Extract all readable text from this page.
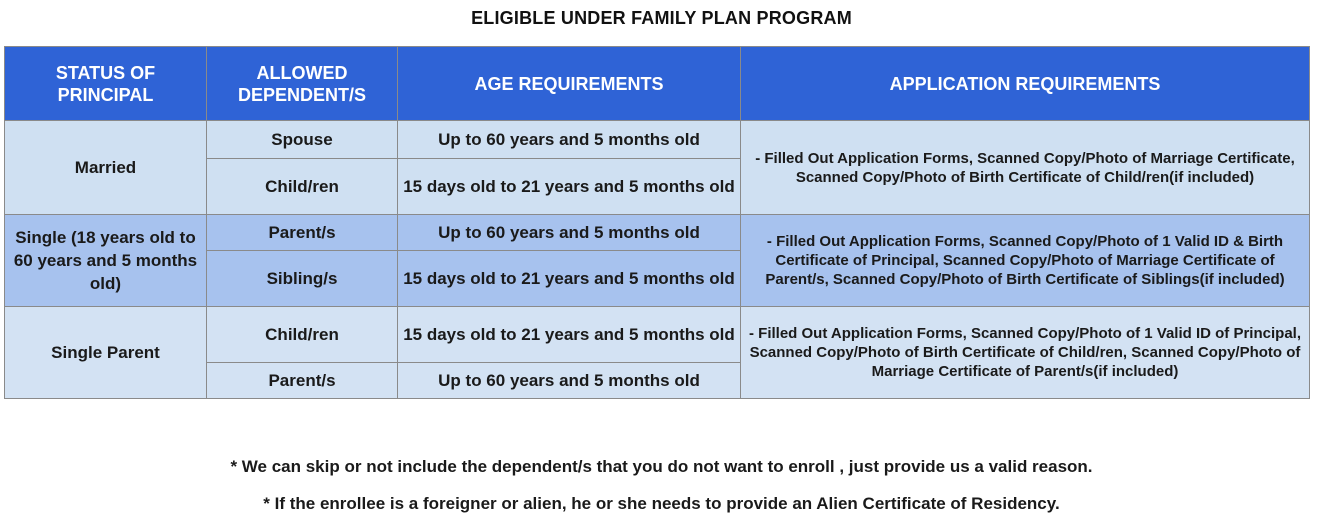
ELIGIBLE UNDER FAMILY PLAN PROGRAM
STATUS OF PRINCIPAL	ALLOWED DEPENDENT/S	AGE REQUIREMENTS	APPLICATION REQUIREMENTS
Married	Spouse	Up to 60 years and 5 months old	- Filled Out Application Forms, Scanned Copy/Photo of Marriage Certificate, Scanned Copy/Photo of Birth Certificate of Child/ren(if included)
	Child/ren	15 days old to 21 years and 5 months old	
Single (18 years old to 60 years and 5 months old)	Parent/s	Up to 60 years and 5 months old	- Filled Out Application Forms, Scanned Copy/Photo of 1 Valid ID & Birth Certificate of Principal, Scanned Copy/Photo of Marriage Certificate of Parent/s, Scanned Copy/Photo of Birth Certificate of Siblings(if included)
	Sibling/s	15 days old to 21 years and 5 months old	
Single Parent	Child/ren	15 days old to 21 years and 5 months old	- Filled Out Application Forms, Scanned Copy/Photo of 1 Valid ID of Principal, Scanned Copy/Photo of Birth Certificate of Child/ren, Scanned Copy/Photo of Marriage Certificate of Parent/s(if included)
	Parent/s	Up to 60 years and 5 months old	
* We can skip or not include the dependent/s that you do not want to enroll , just provide us a valid reason.
* If the enrollee is a foreigner or alien, he or she needs to provide an Alien Certificate of Residency.
